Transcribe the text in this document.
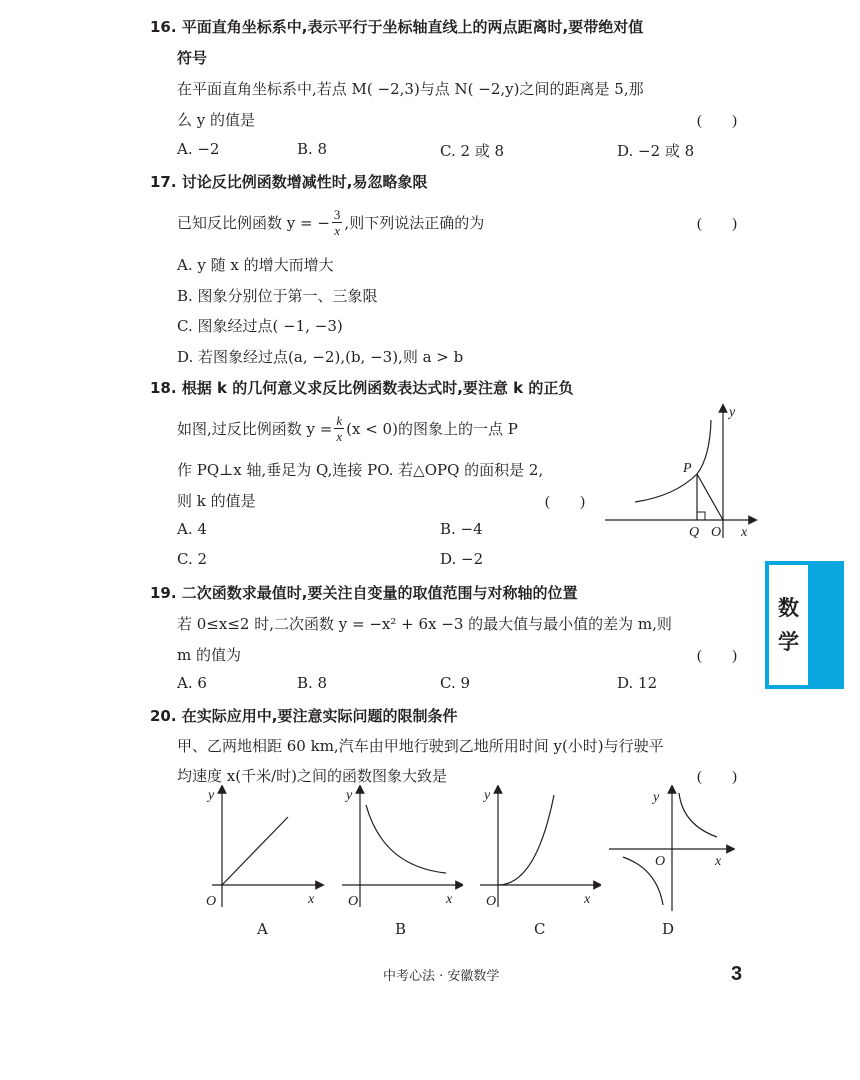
16. 平面直角坐标系中,表示平行于坐标轴直线上的两点距离时,要带绝对值
符号
在平面直角坐标系中,若点 M( −2,3)与点 N( −2,y)之间的距离是 5,那
么 y 的值是	(　　)
A. −2	B. 8	C. 2 或 8	D. −2 或 8
17. 讨论反比例函数增减性时,易忽略象限
已知反比例函数 y = − $\frac{3}{x}$ ,则下列说法正确的为	(　　)
A. y 随 x 的增大而增大
B. 图象分别位于第一、三象限
C. 图象经过点( −1, −3)
D. 若图象经过点(a, −2),(b, −3),则 a > b
18. 根据 k 的几何意义求反比例函数表达式时,要注意 k 的正负
如图,过反比例函数 $y = \frac{k}{x} (x < 0)$的图象上的一点 P
作 PQ⊥x 轴,垂足为 Q,连接 PO. 若△OPQ 的面积是 2,
则 k 的值是	(　　)
A. 4	B. −4
C. 2	D. −2
y
x
P
Q O
19. 二次函数求最值时,要关注自变量的取值范围与对称轴的位置
若 0≤x≤2 时,二次函数 y = −x² + 6x −3 的最大值与最小值的差为 m,则
m 的值为	(　　)
A. 6	B. 8	C. 9	D. 12
20. 在实际应用中,要注意实际问题的限制条件
甲、乙两地相距 60 km,汽车由甲地行驶到乙地所用时间 y(小时)与行驶平
均速度 x(千米/时)之间的函数图象大致是	(　　)
y
x
O
A
y
x
O
B
y
x
O
C
y
x
O
D
数
学
中考心法 · 安徽数学	3
